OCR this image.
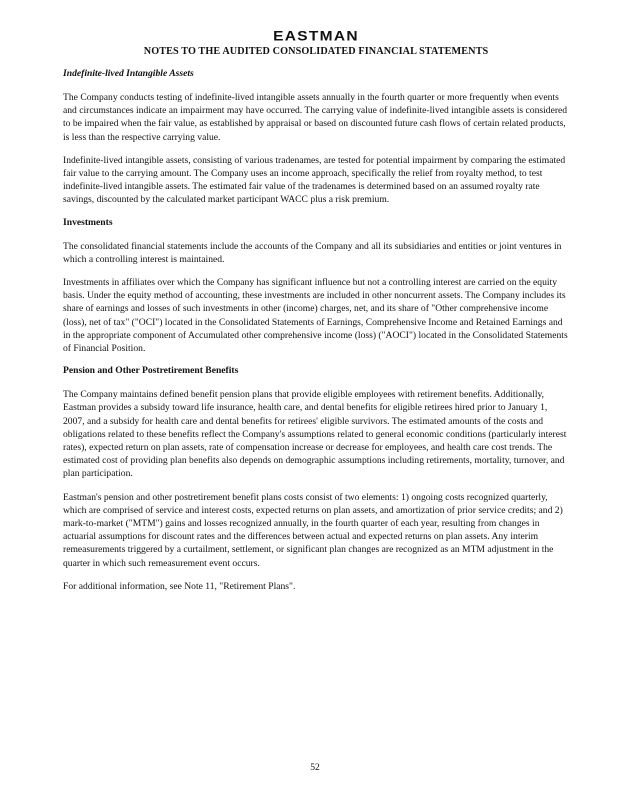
EASTMAN
NOTES TO THE AUDITED CONSOLIDATED FINANCIAL STATEMENTS
Indefinite-lived Intangible Assets

The Company conducts testing of indefinite-lived intangible assets annually in the fourth quarter or more frequently when events and circumstances indicate an impairment may have occurred. The carrying value of indefinite-lived intangible assets is considered to be impaired when the fair value, as established by appraisal or based on discounted future cash flows of certain related products, is less than the respective carrying value.

Indefinite-lived intangible assets, consisting of various tradenames, are tested for potential impairment by comparing the estimated fair value to the carrying amount. The Company uses an income approach, specifically the relief from royalty method, to test indefinite-lived intangible assets. The estimated fair value of the tradenames is determined based on an assumed royalty rate savings, discounted by the calculated market participant WACC plus a risk premium.

Investments

The consolidated financial statements include the accounts of the Company and all its subsidiaries and entities or joint ventures in which a controlling interest is maintained.

Investments in affiliates over which the Company has significant influence but not a controlling interest are carried on the equity basis. Under the equity method of accounting, these investments are included in other noncurrent assets. The Company includes its share of earnings and losses of such investments in other (income) charges, net, and its share of "Other comprehensive income (loss), net of tax" ("OCI") located in the Consolidated Statements of Earnings, Comprehensive Income and Retained Earnings and in the appropriate component of Accumulated other comprehensive income (loss) ("AOCI") located in the Consolidated Statements of Financial Position.

Pension and Other Postretirement Benefits

The Company maintains defined benefit pension plans that provide eligible employees with retirement benefits. Additionally, Eastman provides a subsidy toward life insurance, health care, and dental benefits for eligible retirees hired prior to January 1, 2007, and a subsidy for health care and dental benefits for retirees' eligible survivors. The estimated amounts of the costs and obligations related to these benefits reflect the Company's assumptions related to general economic conditions (particularly interest rates), expected return on plan assets, rate of compensation increase or decrease for employees, and health care cost trends. The estimated cost of providing plan benefits also depends on demographic assumptions including retirements, mortality, turnover, and plan participation.

Eastman's pension and other postretirement benefit plans costs consist of two elements: 1) ongoing costs recognized quarterly, which are comprised of service and interest costs, expected returns on plan assets, and amortization of prior service credits; and 2) mark-to-market ("MTM") gains and losses recognized annually, in the fourth quarter of each year, resulting from changes in actuarial assumptions for discount rates and the differences between actual and expected returns on plan assets. Any interim remeasurements triggered by a curtailment, settlement, or significant plan changes are recognized as an MTM adjustment in the quarter in which such remeasurement event occurs.

For additional information, see Note 11, "Retirement Plans".

52
